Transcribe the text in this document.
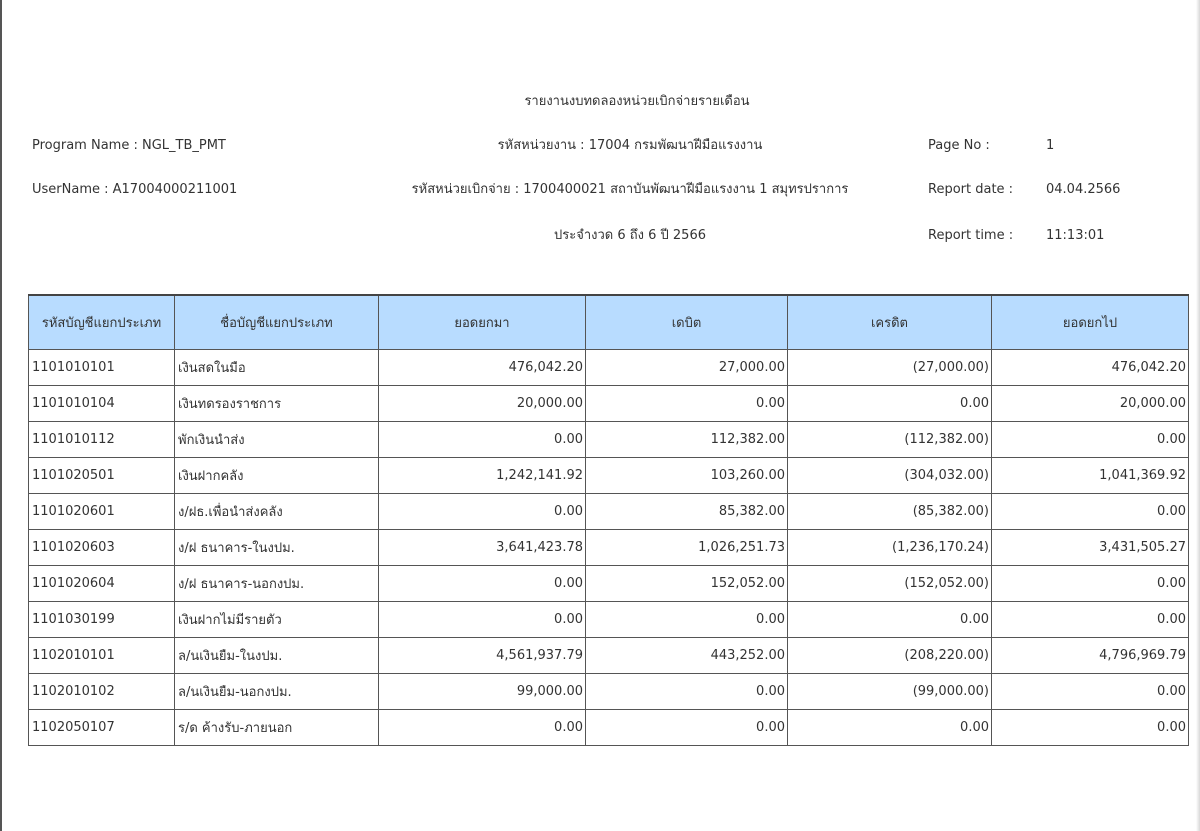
รายงานงบทดลองหน่วยเบิกจ่ายรายเดือน
Program Name : NGL_TB_PMT	รหัสหน่วยงาน : 17004 กรมพัฒนาฝีมือแรงงาน	Page No :	1
UserName : A17004000211001	รหัสหน่วยเบิกจ่าย : 1700400021 สถาบันพัฒนาฝีมือแรงงาน 1 สมุทรปราการ	Report date :	04.04.2566
ประจำงวด 6 ถึง 6 ปี 2566	Report time :	11:13:01
รหัสบัญชีแยกประเภท	ชื่อบัญชีแยกประเภท	ยอดยกมา	เดบิต	เครดิต	ยอดยกไป
1101010101	เงินสดในมือ	476,042.20	27,000.00	(27,000.00)	476,042.20
1101010104	เงินทดรองราชการ	20,000.00	0.00	0.00	20,000.00
1101010112	พักเงินนำส่ง	0.00	112,382.00	(112,382.00)	0.00
1101020501	เงินฝากคลัง	1,242,141.92	103,260.00	(304,032.00)	1,041,369.92
1101020601	ง/ฝธ.เพื่อนำส่งคลัง	0.00	85,382.00	(85,382.00)	0.00
1101020603	ง/ฝ ธนาคาร-ในงปม.	3,641,423.78	1,026,251.73	(1,236,170.24)	3,431,505.27
1101020604	ง/ฝ ธนาคาร-นอกงปม.	0.00	152,052.00	(152,052.00)	0.00
1101030199	เงินฝากไม่มีรายตัว	0.00	0.00	0.00	0.00
1102010101	ล/นเงินยืม-ในงปม.	4,561,937.79	443,252.00	(208,220.00)	4,796,969.79
1102010102	ล/นเงินยืม-นอกงปม.	99,000.00	0.00	(99,000.00)	0.00
1102050107	ร/ด ค้างรับ-ภายนอก	0.00	0.00	0.00	0.00
